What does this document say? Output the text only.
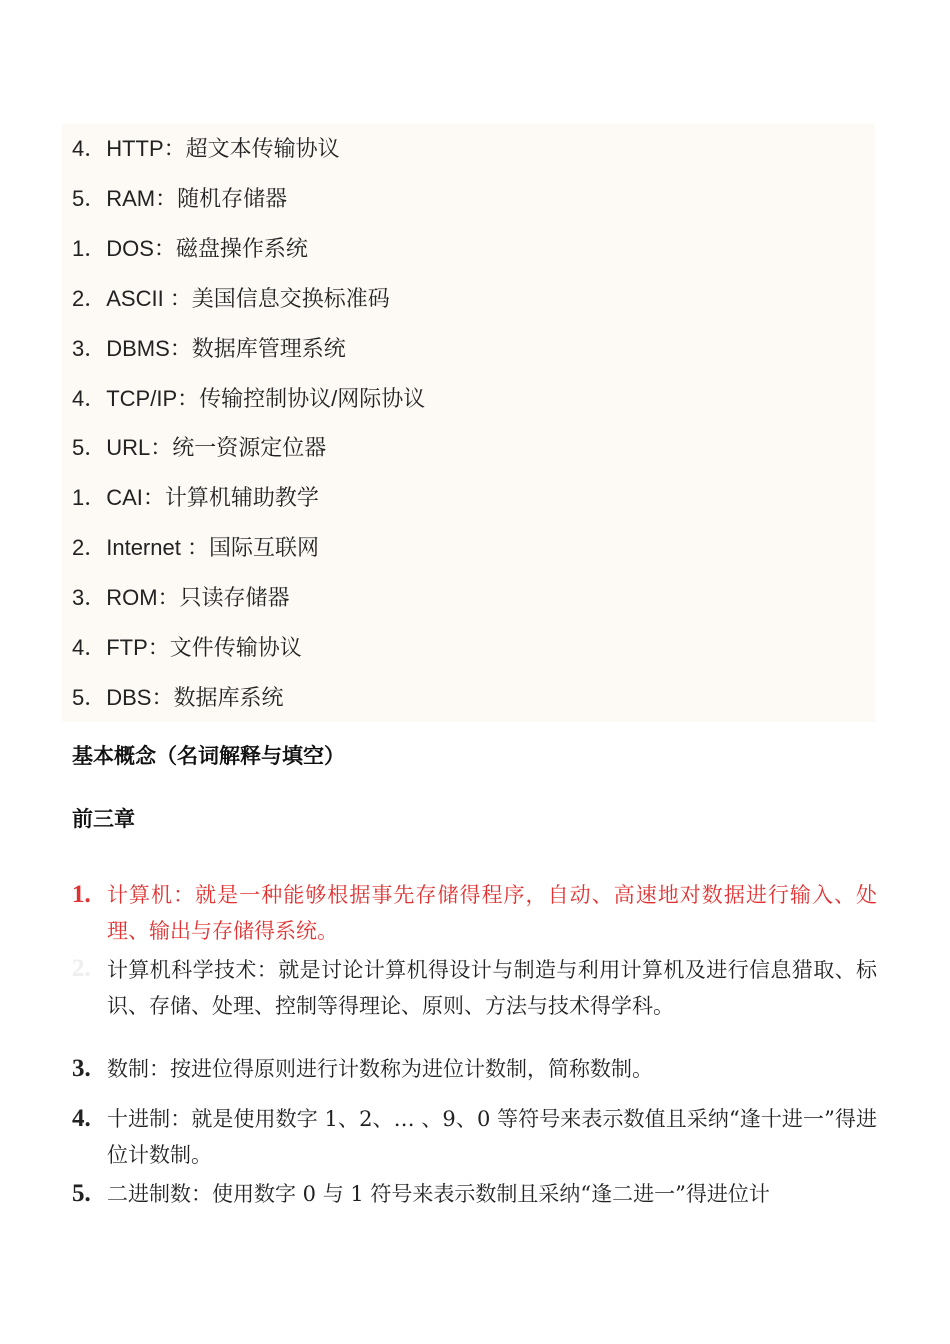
4．HTTP：超文本传输协议
5．RAM：随机存储器
1．DOS：磁盘操作系统
2．ASCII ：美国信息交换标准码
3．DBMS：数据库管理系统
4．TCP/IP：传输控制协议/网际协议
5．URL：统一资源定位器
1．CAI：计算机辅助教学
2．Internet ：国际互联网
3．ROM：只读存储器
4．FTP：文件传输协议
5．DBS：数据库系统
基本概念（名词解释与填空）
前三章
1. 计算机：就是一种能够根据事先存储得程序，自动、高速地对数据进行输入、处理、输出与存储得系统。
2. 计算机科学技术：就是讨论计算机得设计与制造与利用计算机及进行信息猎取、标识、存储、处理、控制等得理论、原则、方法与技术得学科。
3. 数制：按进位得原则进行计数称为进位计数制，简称数制。
4. 十进制：就是使用数字 1、2、… 、9、0 等符号来表示数值且采纳“逢十进一”得进位计数制。
5. 二进制数：使用数字 0 与 1 符号来表示数制且采纳“逢二进一”得进位计
